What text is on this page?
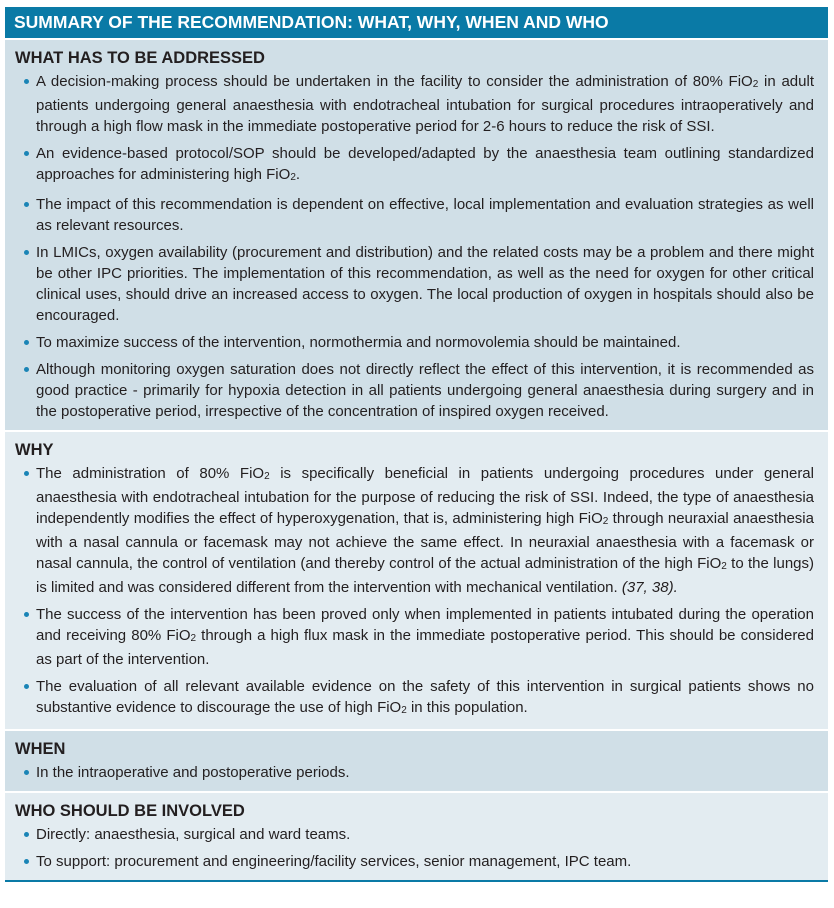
SUMMARY OF THE RECOMMENDATION: WHAT, WHY, WHEN AND WHO
WHAT HAS TO BE ADDRESSED
A decision-making process should be undertaken in the facility to consider the administration of 80% FiO$_2$ in adult patients undergoing general anaesthesia with endotracheal intubation for surgical procedures intraoperatively and through a high flow mask in the immediate postoperative period for 2-6 hours to reduce the risk of SSI.
An evidence-based protocol/SOP should be developed/adapted by the anaesthesia team outlining standardized approaches for administering high FiO$_2$.
The impact of this recommendation is dependent on effective, local implementation and evaluation strategies as well as relevant resources.
In LMICs, oxygen availability (procurement and distribution) and the related costs may be a problem and there might be other IPC priorities. The implementation of this recommendation, as well as the need for oxygen for other critical clinical uses, should drive an increased access to oxygen. The local production of oxygen in hospitals should also be encouraged.
To maximize success of the intervention, normothermia and normovolemia should be maintained.
Although monitoring oxygen saturation does not directly reflect the effect of this intervention, it is recommended as good practice - primarily for hypoxia detection in all patients undergoing general anaesthesia during surgery and in the postoperative period, irrespective of the concentration of inspired oxygen received.
WHY
The administration of 80% FiO$_2$ is specifically beneficial in patients undergoing procedures under general anaesthesia with endotracheal intubation for the purpose of reducing the risk of SSI. Indeed, the type of anaesthesia independently modifies the effect of hyperoxygenation, that is, administering high FiO$_2$ through neuraxial anaesthesia with a nasal cannula or facemask may not achieve the same effect. In neuraxial anaesthesia with a facemask or nasal cannula, the control of ventilation (and thereby control of the actual administration of the high FiO$_2$ to the lungs) is limited and was considered different from the intervention with mechanical ventilation. (37, 38).
The success of the intervention has been proved only when implemented in patients intubated during the operation and receiving 80% FiO$_2$ through a high flux mask in the immediate postoperative period. This should be considered as part of the intervention.
The evaluation of all relevant available evidence on the safety of this intervention in surgical patients shows no substantive evidence to discourage the use of high FiO$_2$ in this population.
WHEN
In the intraoperative and postoperative periods.
WHO SHOULD BE INVOLVED
Directly: anaesthesia, surgical and ward teams.
To support: procurement and engineering/facility services, senior management, IPC team.
